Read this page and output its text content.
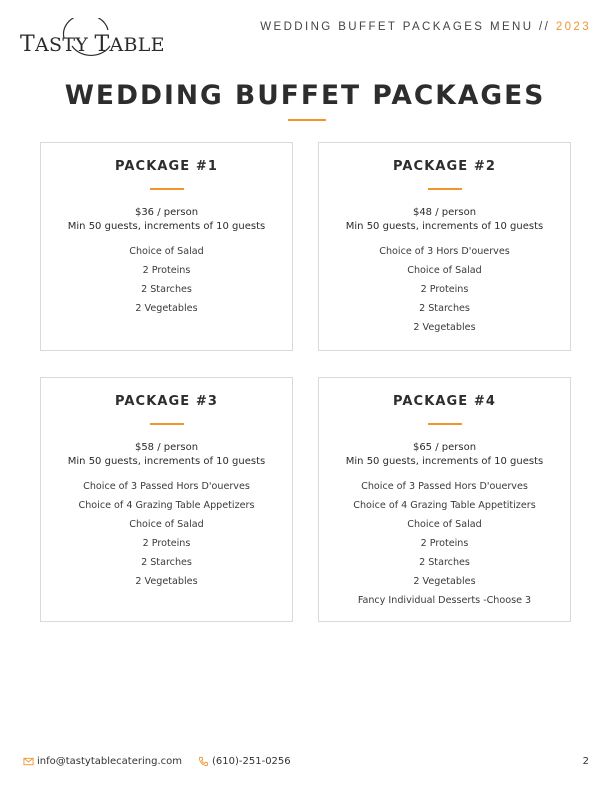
TASTY TABLE
WEDDING BUFFET PACKAGES MENU // 2023
WEDDING BUFFET PACKAGES
PACKAGE #1
$36 / person
Min 50 guests, increments of 10 guests
Choice of Salad
2 Proteins
2 Starches
2 Vegetables
PACKAGE #2
$48 / person
Min 50 guests, increments of 10 guests
Choice of 3 Hors D'ouerves
Choice of Salad
2 Proteins
2 Starches
2 Vegetables
PACKAGE #3
$58 / person
Min 50 guests, increments of 10 guests
Choice of 3 Passed Hors D'ouerves
Choice of 4 Grazing Table Appetizers
Choice of Salad
2 Proteins
2 Starches
2 Vegetables
PACKAGE #4
$65 / person
Min 50 guests, increments of 10 guests
Choice of 3 Passed Hors D'ouerves
Choice of 4 Grazing Table Appetitizers
Choice of Salad
2 Proteins
2 Starches
2 Vegetables
Fancy Individual Desserts -Choose 3
info@tastytablecatering.com	(610)-251-0256	2
